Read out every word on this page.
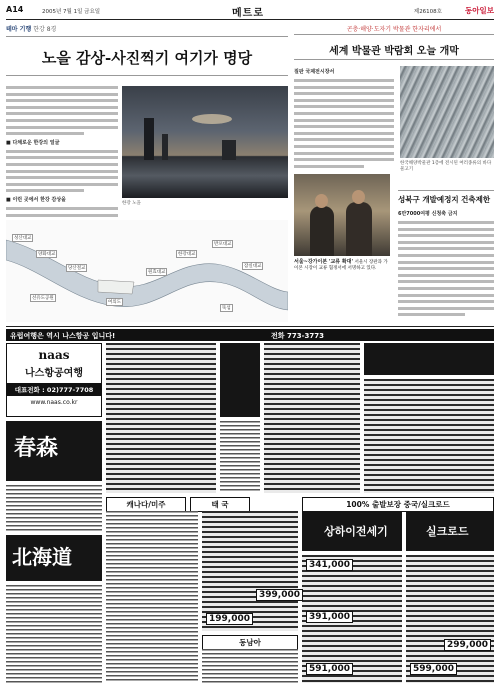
A14	2005년 7월 1일 금요일	메트로	제26108호	동아일보
테마 기행 한강 8경
노을 감상-사진찍기 여기가 명당
■ 다채로운 한강의 얼굴
■ 이런 곳에서 한강 감상을
한강 노을
성산대교
양화대교
당산철교
원효대교
한강대교
반포대교
잠실대교
선유도공원
뚝섬
여의도
곤충·해양·도자기 박물관 한자리에서
세계 박물관 박람회 오늘 개막
질판 국제전시장서
한국해양박물관 1층에 전시된 여러종류의 바다 물고기
서울~강가이본 '교류 확대' 서울시 장관과 가이본 시장이 교류 협정서에 서명하고 있다.
성북구 개발예정지 건축제한
6만7000여평 신청축 금지
유럽여행은 역시 나스항공 입니다!	전화 773-3773
naas
나스항공여행
대표전화 : 02)777-7708
www.naas.co.kr
春森
北海道
캐나다/미주	태 국	100% 출발보장 중국/실크로드
상하이전세기	실크로드
동남아
199,000
399,000
299,000
599,000
341,000
391,000
591,000
